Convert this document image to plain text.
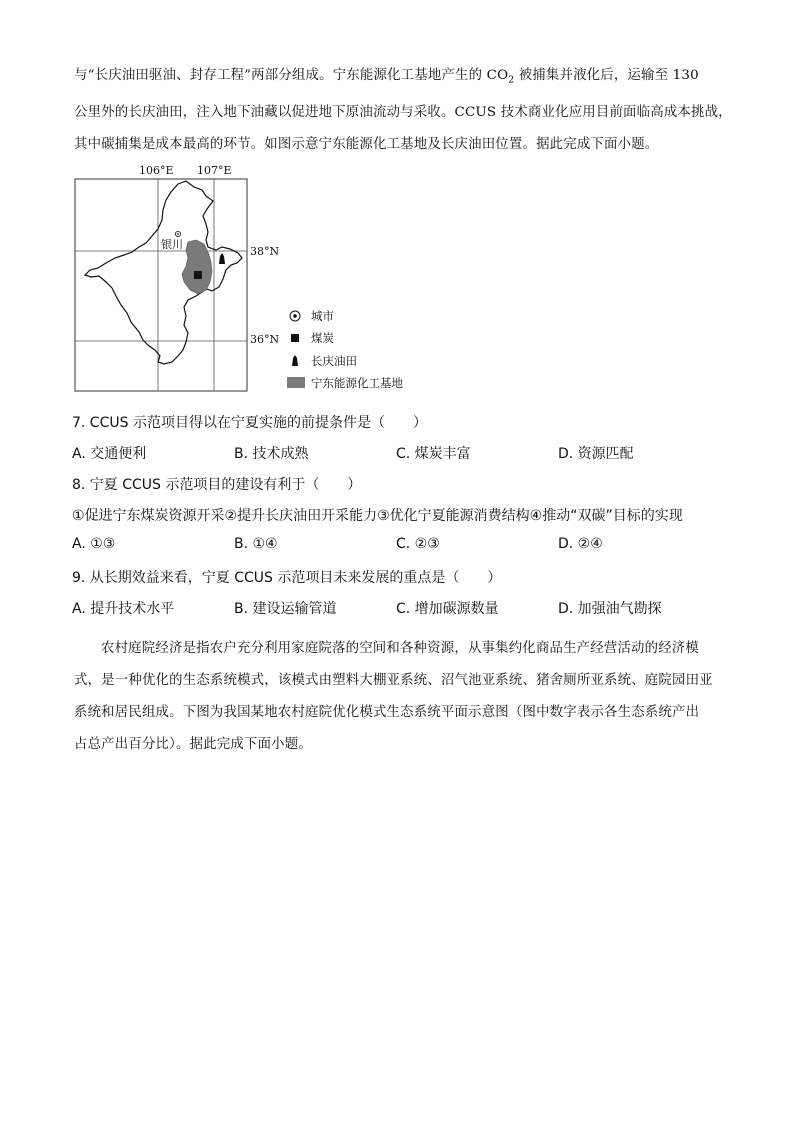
与“长庆油田驱油、封存工程”两部分组成。宁东能源化工基地产生的 $CO_2$ 被捕集并液化后，运输至 130
公里外的长庆油田，注入地下油藏以促进地下原油流动与采收。CCUS 技术商业化应用目前面临高成本挑战，
其中碳捕集是成本最高的环节。如图示意宁东能源化工基地及长庆油田位置。据此完成下面小题。
106°E 107°E
38°N
36°N
银川
城市
煤炭
长庆油田
宁东能源化工基地
7. CCUS 示范项目得以在宁夏实施的前提条件是（　　）
A. 交通便利	B. 技术成熟	C. 煤炭丰富	D. 资源匹配
8. 宁夏 CCUS 示范项目的建设有利于（　　）
①促进宁东煤炭资源开采②提升长庆油田开采能力③优化宁夏能源消费结构④推动“双碳”目标的实现
A. ①③	B. ①④	C. ②③	D. ②④
9. 从长期效益来看，宁夏 CCUS 示范项目未来发展的重点是（　　）
A. 提升技术水平	B. 建设运输管道	C. 增加碳源数量	D. 加强油气勘探
农村庭院经济是指农户充分利用家庭院落的空间和各种资源，从事集约化商品生产经营活动的经济模
式，是一种优化的生态系统模式，该模式由塑料大棚亚系统、沼气池亚系统、猪舍厕所亚系统、庭院园田亚
系统和居民组成。下图为我国某地农村庭院优化模式生态系统平面示意图（图中数字表示各生态系统产出
占总产出百分比）。据此完成下面小题。
